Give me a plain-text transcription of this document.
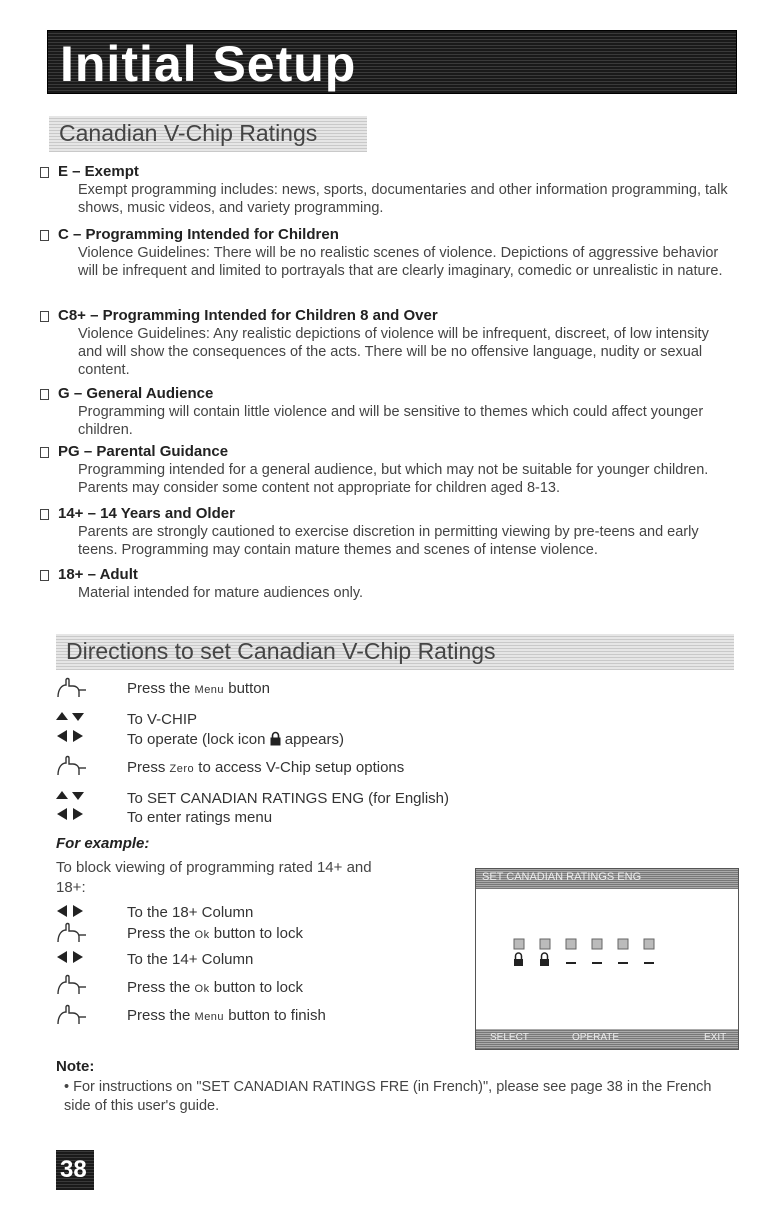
Initial Setup
Canadian V-Chip Ratings
E – Exempt
Exempt programming includes: news, sports, documentaries and other information programming, talk shows, music videos, and variety programming.
C – Programming Intended for Children
Violence Guidelines: There will be no realistic scenes of violence. Depictions of aggressive behavior will be infrequent and limited to portrayals that are clearly imaginary, comedic or unrealistic in nature.
C8+ – Programming Intended for Children 8 and Over
Violence Guidelines: Any realistic depictions of violence will be infrequent, discreet, of low intensity and will show the consequences of the acts. There will be no offensive language, nudity or sexual content.
G – General Audience
Programming will contain little violence and will be sensitive to themes which could affect younger children.
PG – Parental Guidance
Programming intended for a general audience, but which may not be suitable for younger children. Parents may consider some content not appropriate for children aged 8-13.
14+ – 14 Years and Older
Parents are strongly cautioned to exercise discretion in permitting viewing by pre-teens and early teens. Programming may contain mature themes and scenes of intense violence.
18+ – Adult
Material intended for mature audiences only.
Directions to set Canadian V-Chip Ratings
Press the Menu button
To V-CHIP
To operate (lock icon  appears)
Press Zero to access V-Chip setup options
To SET CANADIAN RATINGS ENG (for English)
To enter ratings menu
For example:
To block viewing of programming rated 14+ and 18+:
To the 18+ Column
Press the Ok button to lock
To the 14+ Column
Press the Ok button to lock
Press the Menu button to finish
SET CANADIAN RATINGS ENG
SELECT	OPERATE	EXIT
Note:
• For instructions on "SET CANADIAN RATINGS FRE (in French)", please see page 38 in the French side of this user's guide.
38
